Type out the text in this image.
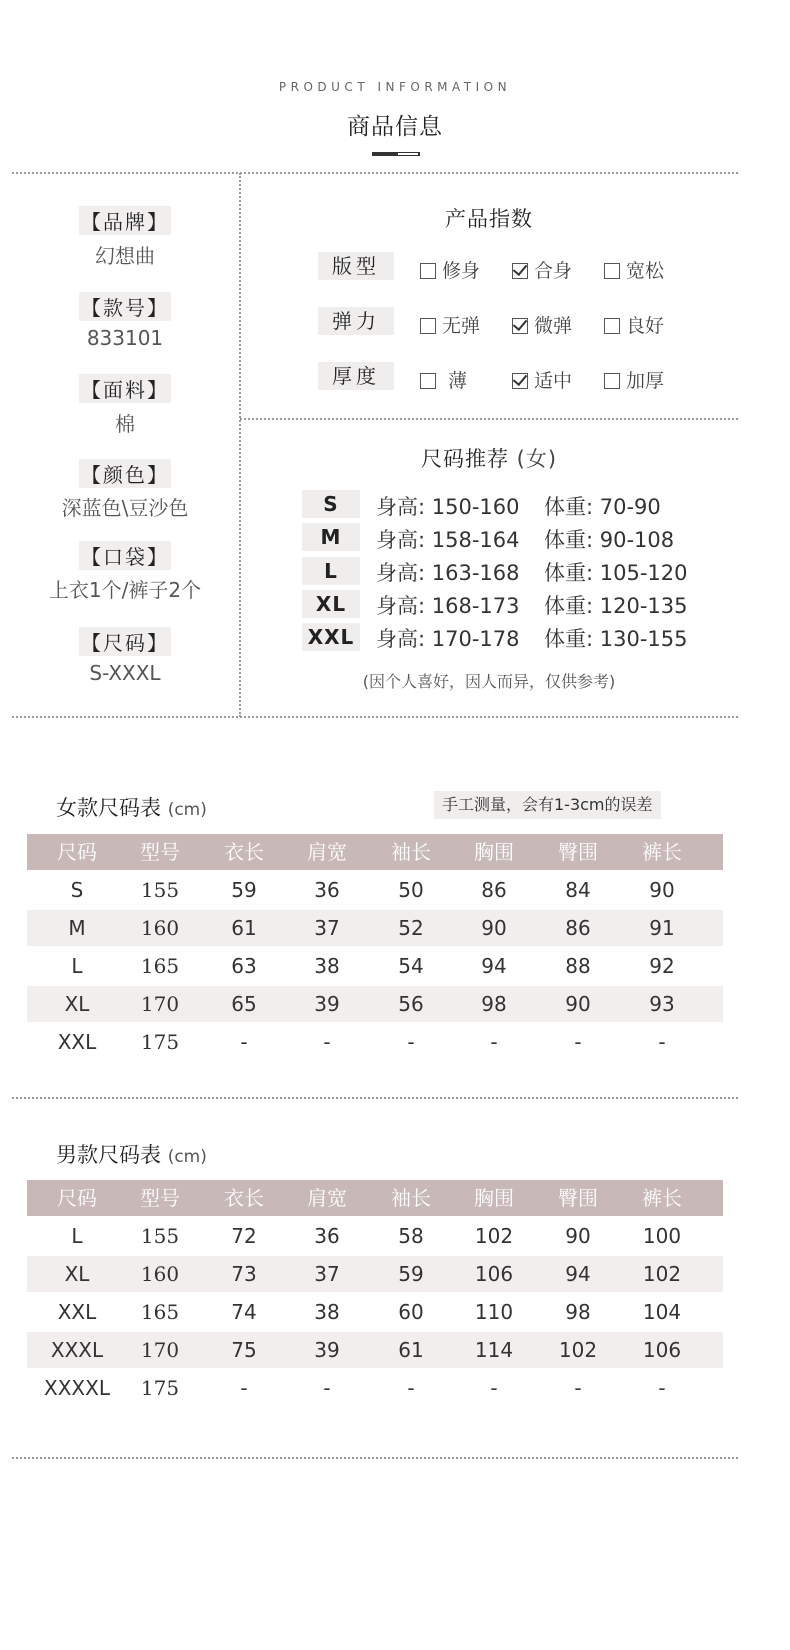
PRODUCT INFORMATION
商品信息
【品牌】
幻想曲
【款号】
833101
【面料】
棉
【颜色】
深蓝色\豆沙色
【口袋】
上衣1个/裤子2个
【尺码】
S-XXXL
产品指数
版型	修身	合身	宽松
弹力	无弹	微弹	良好
厚度	薄	适中	加厚
尺码推荐 (女)
S	身高: 150-160 体重: 70-90
M	身高: 158-164 体重: 90-108
L	身高: 163-168 体重: 105-120
XL	身高: 168-173 体重: 120-135
XXL 身高: 170-178 体重: 130-155
(因个人喜好，因人而异，仅供参考)
女款尺码表 (cm)	手工测量，会有1-3cm的误差
尺码	型号	衣长	肩宽	袖长	胸围	臀围	裤长
S	155	59	36	50	86	84	90
M	160	61	37	52	90	86	91
L	165	63	38	54	94	88	92
XL	170	65	39	56	98	90	93
XXL	175	-	-	-	-	-	-
男款尺码表 (cm)
尺码	型号	衣长	肩宽	袖长	胸围	臀围	裤长
L	155	72	36	58	102	90	100
XL	160	73	37	59	106	94	102
XXL	165	74	38	60	110	98	104
XXXL	170	75	39	61	114	102	106
XXXXL	175	-	-	-	-	-	-
